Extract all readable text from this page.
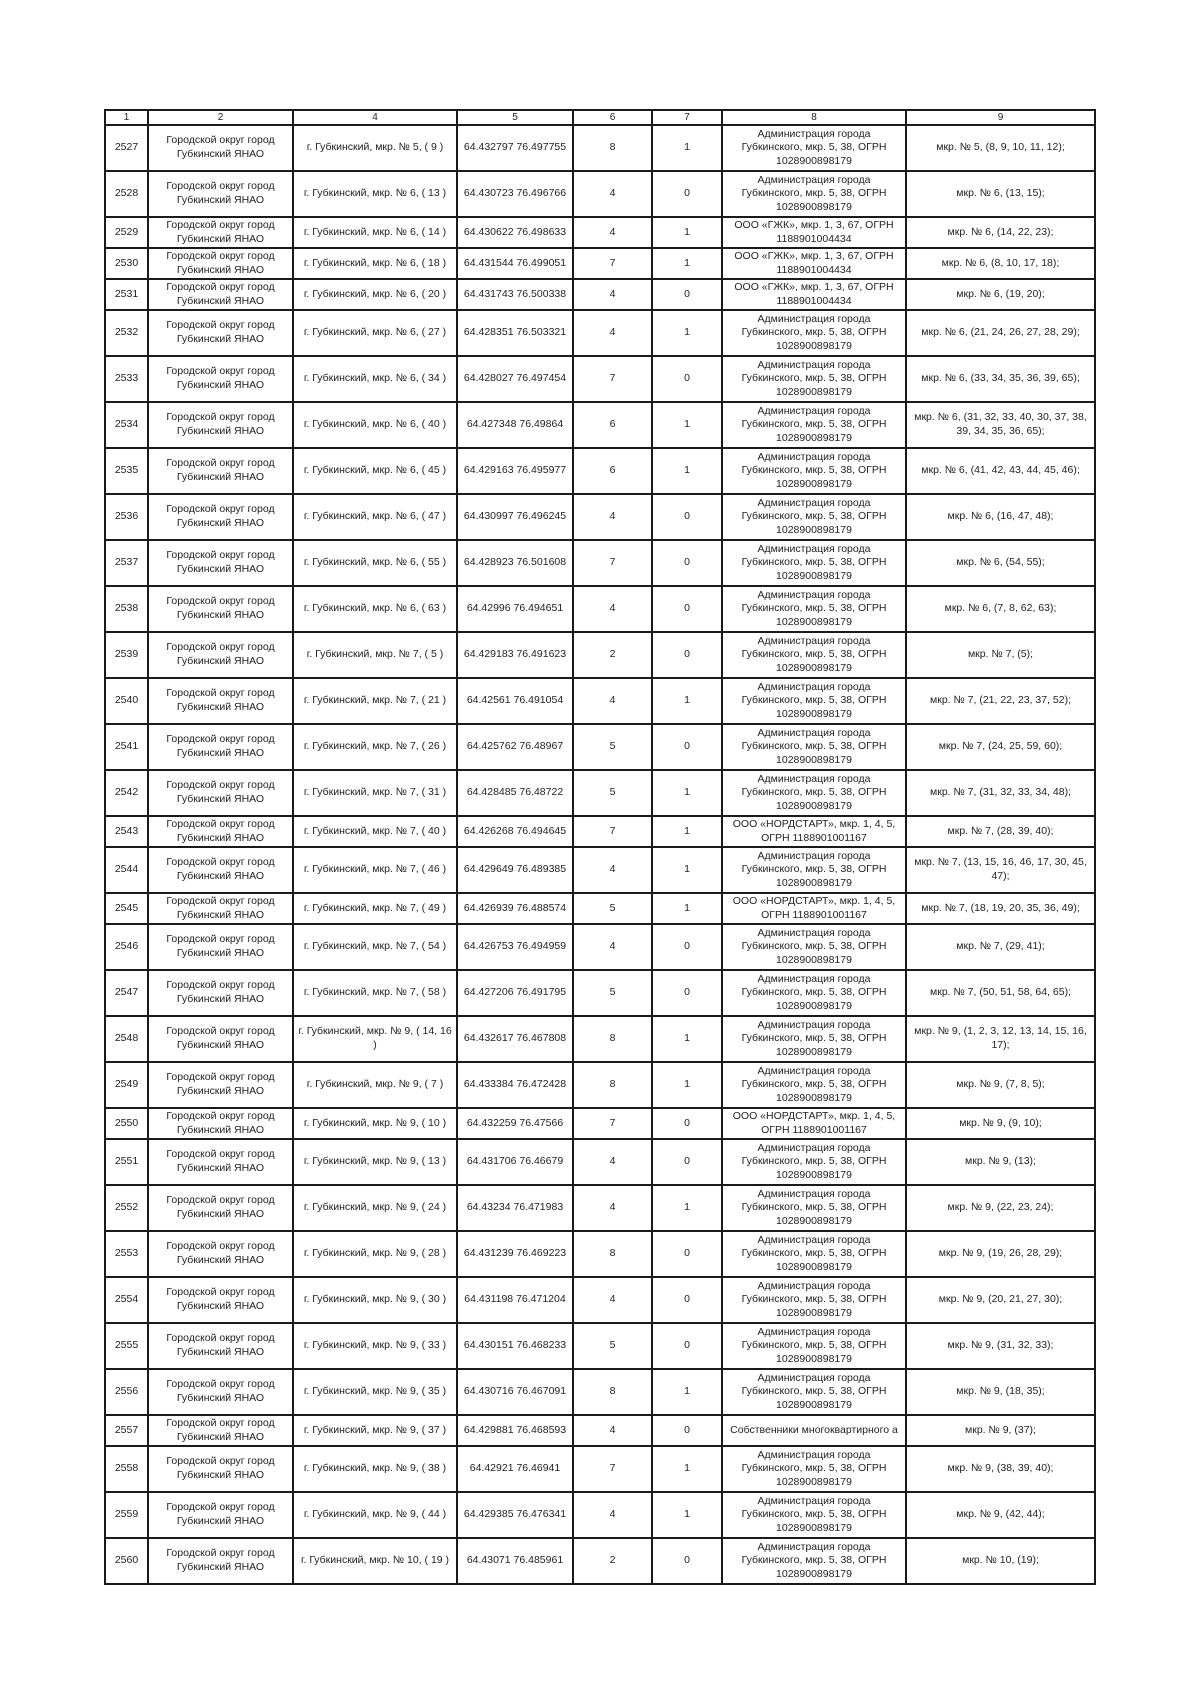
1	2	4	5	6	7	8	9
2527	Городской округ город Губкинский ЯНАО	г. Губкинский, мкр. № 5, ( 9 )	64.432797 76.497755	8	1	Администрация города Губкинского, мкр. 5, 38, ОГРН 1028900898179	мкр. № 5, (8, 9, 10, 11, 12);
2528	Городской округ город Губкинский ЯНАО	г. Губкинский, мкр. № 6, ( 13 )	64.430723 76.496766	4	0	Администрация города Губкинского, мкр. 5, 38, ОГРН 1028900898179	мкр. № 6, (13, 15);
2529	Городской округ город Губкинский ЯНАО	г. Губкинский, мкр. № 6, ( 14 )	64.430622 76.498633	4	1	ООО «ГЖК», мкр. 1, 3, 67, ОГРН 1188901004434	мкр. № 6, (14, 22, 23);
2530	Городской округ город Губкинский ЯНАО	г. Губкинский, мкр. № 6, ( 18 )	64.431544 76.499051	7	1	ООО «ГЖК», мкр. 1, 3, 67, ОГРН 1188901004434	мкр. № 6, (8, 10, 17, 18);
2531	Городской округ город Губкинский ЯНАО	г. Губкинский, мкр. № 6, ( 20 )	64.431743 76.500338	4	0	ООО «ГЖК», мкр. 1, 3, 67, ОГРН 1188901004434	мкр. № 6, (19, 20);
2532	Городской округ город Губкинский ЯНАО	г. Губкинский, мкр. № 6, ( 27 )	64.428351 76.503321	4	1	Администрация города Губкинского, мкр. 5, 38, ОГРН 1028900898179	мкр. № 6, (21, 24, 26, 27, 28, 29);
2533	Городской округ город Губкинский ЯНАО	г. Губкинский, мкр. № 6, ( 34 )	64.428027 76.497454	7	0	Администрация города Губкинского, мкр. 5, 38, ОГРН 1028900898179	мкр. № 6, (33, 34, 35, 36, 39, 65);
2534	Городской округ город Губкинский ЯНАО	г. Губкинский, мкр. № 6, ( 40 )	64.427348 76.49864	6	1	Администрация города Губкинского, мкр. 5, 38, ОГРН 1028900898179	мкр. № 6, (31, 32, 33, 40, 30, 37, 38, 39, 34, 35, 36, 65);
2535	Городской округ город Губкинский ЯНАО	г. Губкинский, мкр. № 6, ( 45 )	64.429163 76.495977	6	1	Администрация города Губкинского, мкр. 5, 38, ОГРН 1028900898179	мкр. № 6, (41, 42, 43, 44, 45, 46);
2536	Городской округ город Губкинский ЯНАО	г. Губкинский, мкр. № 6, ( 47 )	64.430997 76.496245	4	0	Администрация города Губкинского, мкр. 5, 38, ОГРН 1028900898179	мкр. № 6, (16, 47, 48);
2537	Городской округ город Губкинский ЯНАО	г. Губкинский, мкр. № 6, ( 55 )	64.428923 76.501608	7	0	Администрация города Губкинского, мкр. 5, 38, ОГРН 1028900898179	мкр. № 6, (54, 55);
2538	Городской округ город Губкинский ЯНАО	г. Губкинский, мкр. № 6, ( 63 )	64.42996 76.494651	4	0	Администрация города Губкинского, мкр. 5, 38, ОГРН 1028900898179	мкр. № 6, (7, 8, 62, 63);
2539	Городской округ город Губкинский ЯНАО	г. Губкинский, мкр. № 7, ( 5 )	64.429183 76.491623	2	0	Администрация города Губкинского, мкр. 5, 38, ОГРН 1028900898179	мкр. № 7, (5);
2540	Городской округ город Губкинский ЯНАО	г. Губкинский, мкр. № 7, ( 21 )	64.42561 76.491054	4	1	Администрация города Губкинского, мкр. 5, 38, ОГРН 1028900898179	мкр. № 7, (21, 22, 23, 37, 52);
2541	Городской округ город Губкинский ЯНАО	г. Губкинский, мкр. № 7, ( 26 )	64.425762 76.48967	5	0	Администрация города Губкинского, мкр. 5, 38, ОГРН 1028900898179	мкр. № 7, (24, 25, 59, 60);
2542	Городской округ город Губкинский ЯНАО	г. Губкинский, мкр. № 7, ( 31 )	64.428485 76.48722	5	1	Администрация города Губкинского, мкр. 5, 38, ОГРН 1028900898179	мкр. № 7, (31, 32, 33, 34, 48);
2543	Городской округ город Губкинский ЯНАО	г. Губкинский, мкр. № 7, ( 40 )	64.426268 76.494645	7	1	ООО «НОРДСТАРТ», мкр. 1, 4, 5, ОГРН 1188901001167	мкр. № 7, (28, 39, 40);
2544	Городской округ город Губкинский ЯНАО	г. Губкинский, мкр. № 7, ( 46 )	64.429649 76.489385	4	1	Администрация города Губкинского, мкр. 5, 38, ОГРН 1028900898179	мкр. № 7, (13, 15, 16, 46, 17, 30, 45, 47);
2545	Городской округ город Губкинский ЯНАО	г. Губкинский, мкр. № 7, ( 49 )	64.426939 76.488574	5	1	ООО «НОРДСТАРТ», мкр. 1, 4, 5, ОГРН 1188901001167	мкр. № 7, (18, 19, 20, 35, 36, 49);
2546	Городской округ город Губкинский ЯНАО	г. Губкинский, мкр. № 7, ( 54 )	64.426753 76.494959	4	0	Администрация города Губкинского, мкр. 5, 38, ОГРН 1028900898179	мкр. № 7, (29, 41);
2547	Городской округ город Губкинский ЯНАО	г. Губкинский, мкр. № 7, ( 58 )	64.427206 76.491795	5	0	Администрация города Губкинского, мкр. 5, 38, ОГРН 1028900898179	мкр. № 7, (50, 51, 58, 64, 65);
2548	Городской округ город Губкинский ЯНАО	г. Губкинский, мкр. № 9, ( 14, 16 )	64.432617 76.467808	8	1	Администрация города Губкинского, мкр. 5, 38, ОГРН 1028900898179	мкр. № 9, (1, 2, 3, 12, 13, 14, 15, 16, 17);
2549	Городской округ город Губкинский ЯНАО	г. Губкинский, мкр. № 9, ( 7 )	64.433384 76.472428	8	1	Администрация города Губкинского, мкр. 5, 38, ОГРН 1028900898179	мкр. № 9, (7, 8, 5);
2550	Городской округ город Губкинский ЯНАО	г. Губкинский, мкр. № 9, ( 10 )	64.432259 76.47566	7	0	ООО «НОРДСТАРТ», мкр. 1, 4, 5, ОГРН 1188901001167	мкр. № 9, (9, 10);
2551	Городской округ город Губкинский ЯНАО	г. Губкинский, мкр. № 9, ( 13 )	64.431706 76.46679	4	0	Администрация города Губкинского, мкр. 5, 38, ОГРН 1028900898179	мкр. № 9, (13);
2552	Городской округ город Губкинский ЯНАО	г. Губкинский, мкр. № 9, ( 24 )	64.43234 76.471983	4	1	Администрация города Губкинского, мкр. 5, 38, ОГРН 1028900898179	мкр. № 9, (22, 23, 24);
2553	Городской округ город Губкинский ЯНАО	г. Губкинский, мкр. № 9, ( 28 )	64.431239 76.469223	8	0	Администрация города Губкинского, мкр. 5, 38, ОГРН 1028900898179	мкр. № 9, (19, 26, 28, 29);
2554	Городской округ город Губкинский ЯНАО	г. Губкинский, мкр. № 9, ( 30 )	64.431198 76.471204	4	0	Администрация города Губкинского, мкр. 5, 38, ОГРН 1028900898179	мкр. № 9, (20, 21, 27, 30);
2555	Городской округ город Губкинский ЯНАО	г. Губкинский, мкр. № 9, ( 33 )	64.430151 76.468233	5	0	Администрация города Губкинского, мкр. 5, 38, ОГРН 1028900898179	мкр. № 9, (31, 32, 33);
2556	Городской округ город Губкинский ЯНАО	г. Губкинский, мкр. № 9, ( 35 )	64.430716 76.467091	8	1	Администрация города Губкинского, мкр. 5, 38, ОГРН 1028900898179	мкр. № 9, (18, 35);
2557	Городской округ город Губкинский ЯНАО	г. Губкинский, мкр. № 9, ( 37 )	64.429881 76.468593	4	0	Собственники многоквартирного а	мкр. № 9, (37);
2558	Городской округ город Губкинский ЯНАО	г. Губкинский, мкр. № 9, ( 38 )	64.42921 76.46941	7	1	Администрация города Губкинского, мкр. 5, 38, ОГРН 1028900898179	мкр. № 9, (38, 39, 40);
2559	Городской округ город Губкинский ЯНАО	г. Губкинский, мкр. № 9, ( 44 )	64.429385 76.476341	4	1	Администрация города Губкинского, мкр. 5, 38, ОГРН 1028900898179	мкр. № 9, (42, 44);
2560	Городской округ город Губкинский ЯНАО	г. Губкинский, мкр. № 10, ( 19 )	64.43071 76.485961	2	0	Администрация города Губкинского, мкр. 5, 38, ОГРН 1028900898179	мкр. № 10, (19);
